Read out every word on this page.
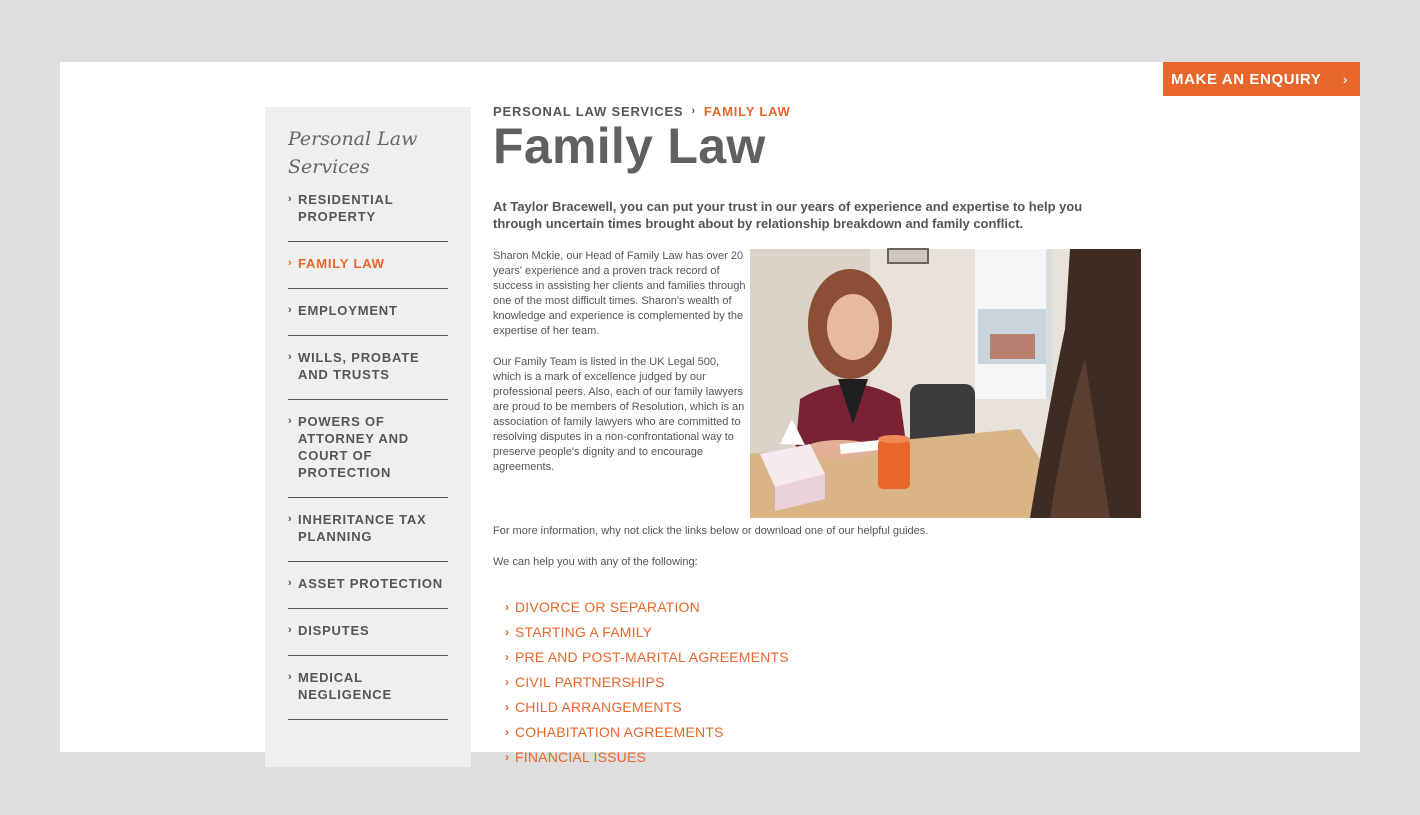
MAKE AN ENQUIRY ›
Personal Law
Services
› RESIDENTIAL
PROPERTY
› FAMILY LAW
› EMPLOYMENT
› WILLS, PROBATE
AND TRUSTS
› POWERS OF
ATTORNEY AND
COURT OF
PROTECTION
› INHERITANCE TAX
PLANNING
› ASSET PROTECTION
› DISPUTES
› MEDICAL
NEGLIGENCE
PERSONAL LAW SERVICES › FAMILY LAW
Family Law

At Taylor Bracewell, you can put your trust in our years of experience and expertise to help you through uncertain times brought about by relationship breakdown and family conflict.

Sharon Mckie, our Head of Family Law has over 20 years' experience and a proven track record of success in assisting her clients and families through one of the most difficult times. Sharon's wealth of knowledge and experience is complemented by the expertise of her team.

Our Family Team is listed in the UK Legal 500, which is a mark of excellence judged by our professional peers. Also, each of our family lawyers are proud to be members of Resolution, which is an association of family lawyers who are committed to resolving disputes in a non-confrontational way to preserve people's dignity and to encourage agreements.

For more information, why not click the links below or download one of our helpful guides.

We can help you with any of the following:

› DIVORCE OR SEPARATION
› STARTING A FAMILY
› PRE AND POST-MARITAL AGREEMENTS
› CIVIL PARTNERSHIPS
› CHILD ARRANGEMENTS
› COHABITATION AGREEMENTS
› FINANCIAL ISSUES
